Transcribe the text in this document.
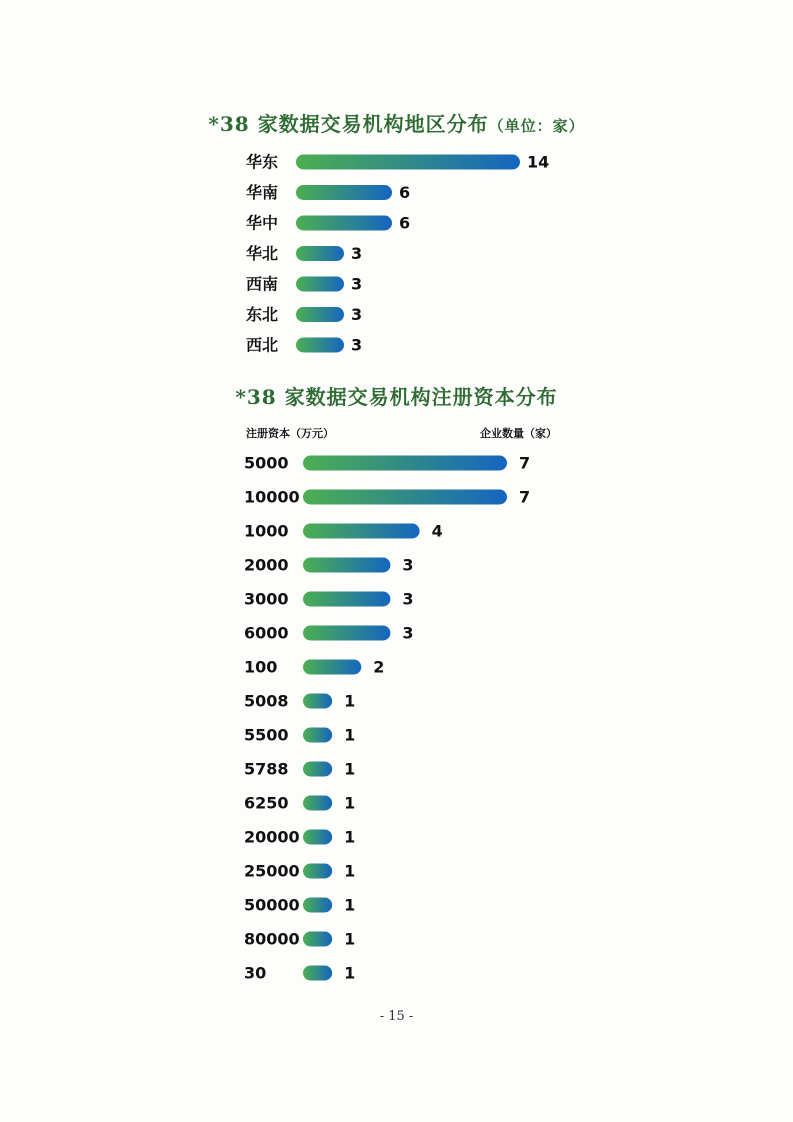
*38 家数据交易机构地区分布（单位：家）
华东	14
华南	6
华中	6
华北	3
西南	3
东北	3
西北	3
*38 家数据交易机构注册资本分布

注册资本（万元）	企业数量（家）

5000	7
10000	7
1000	4
2000	3
3000	3
6000	3
100	2
5008	1
5500	1
5788	1
6250	1
20000	1
25000	1
50000	1
80000	1
30	1

- 15 -
